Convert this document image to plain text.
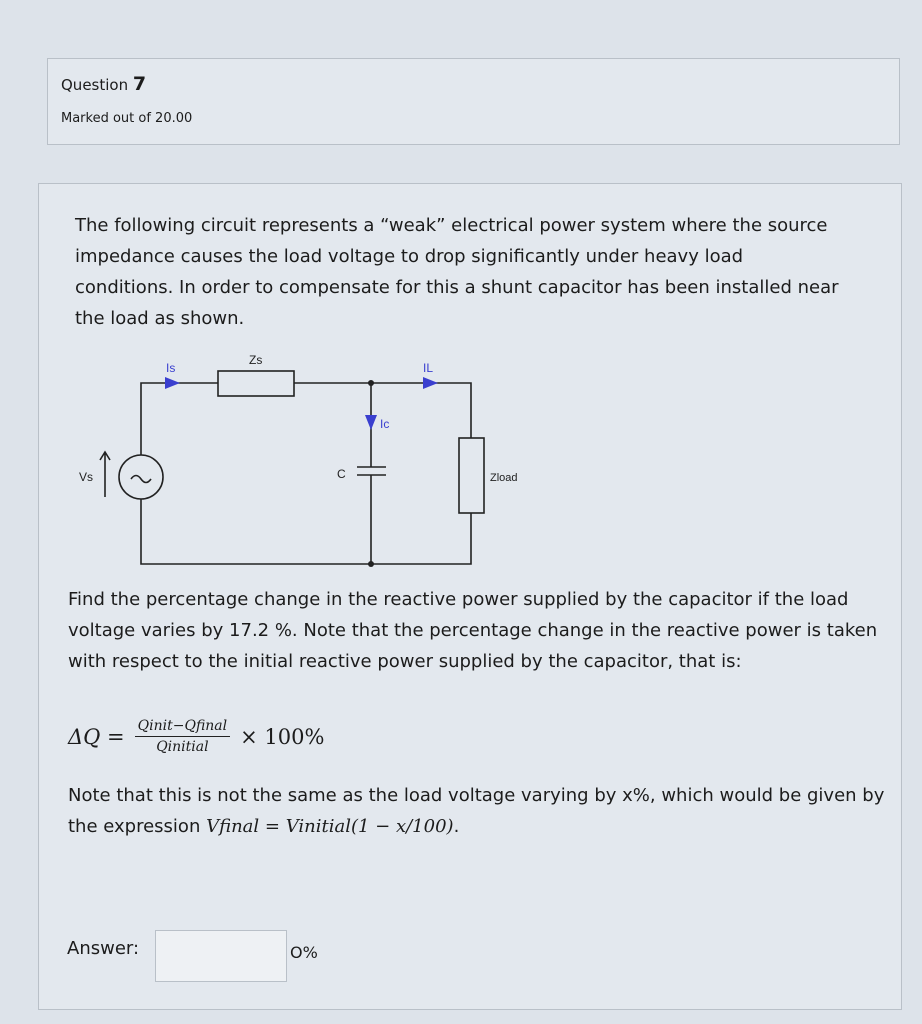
Question 7
Marked out of 20.00
The following circuit represents a “weak” electrical power system where the source impedance causes the load voltage to drop significantly under heavy load conditions. In order to compensate for this a shunt capacitor has been installed near the load as shown.
Is
Zs
IL
Ic
Vs	C	Zload
Find the percentage change in the reactive power supplied by the capacitor if the load voltage varies by 17.2 %. Note that the percentage change in the reactive power is taken with respect to the initial reactive power supplied by the capacitor, that is:
$\Delta Q = \frac{\text{Qinit−Qfinal}}{\text{Qinitial}} \times 100\%$
Note that this is not the same as the load voltage varying by x%, which would be given by the expression Vfinal = Vinitial(1 − x/100).
Answer:	O%
